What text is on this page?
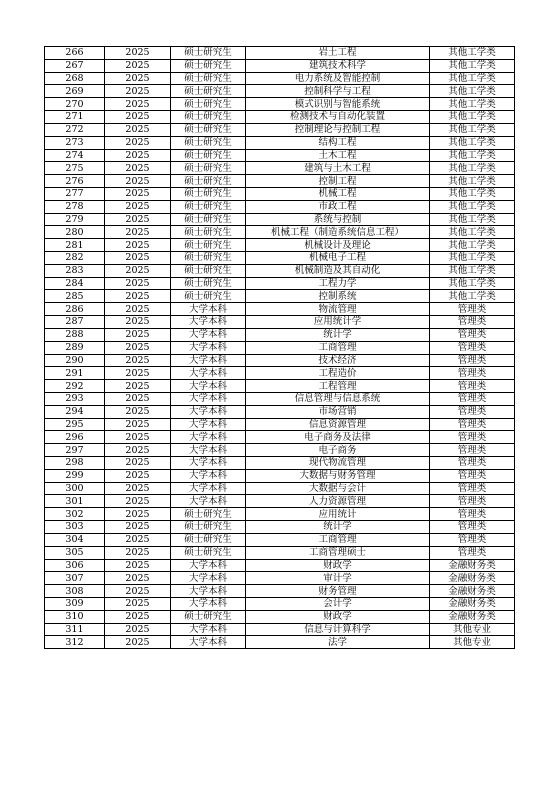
266	2025	硕士研究生	岩土工程	其他工学类
267	2025	硕士研究生	建筑技术科学	其他工学类
268	2025	硕士研究生	电力系统及智能控制	其他工学类
269	2025	硕士研究生	控制科学与工程	其他工学类
270	2025	硕士研究生	模式识别与智能系统	其他工学类
271	2025	硕士研究生	检测技术与自动化装置	其他工学类
272	2025	硕士研究生	控制理论与控制工程	其他工学类
273	2025	硕士研究生	结构工程	其他工学类
274	2025	硕士研究生	土木工程	其他工学类
275	2025	硕士研究生	建筑与土木工程	其他工学类
276	2025	硕士研究生	控制工程	其他工学类
277	2025	硕士研究生	机械工程	其他工学类
278	2025	硕士研究生	市政工程	其他工学类
279	2025	硕士研究生	系统与控制	其他工学类
280	2025	硕士研究生	机械工程（制造系统信息工程）	其他工学类
281	2025	硕士研究生	机械设计及理论	其他工学类
282	2025	硕士研究生	机械电子工程	其他工学类
283	2025	硕士研究生	机械制造及其自动化	其他工学类
284	2025	硕士研究生	工程力学	其他工学类
285	2025	硕士研究生	控制系统	其他工学类
286	2025	大学本科	物流管理	管理类
287	2025	大学本科	应用统计学	管理类
288	2025	大学本科	统计学	管理类
289	2025	大学本科	工商管理	管理类
290	2025	大学本科	技术经济	管理类
291	2025	大学本科	工程造价	管理类
292	2025	大学本科	工程管理	管理类
293	2025	大学本科	信息管理与信息系统	管理类
294	2025	大学本科	市场营销	管理类
295	2025	大学本科	信息资源管理	管理类
296	2025	大学本科	电子商务及法律	管理类
297	2025	大学本科	电子商务	管理类
298	2025	大学本科	现代物流管理	管理类
299	2025	大学本科	大数据与财务管理	管理类
300	2025	大学本科	大数据与会计	管理类
301	2025	大学本科	人力资源管理	管理类
302	2025	硕士研究生	应用统计	管理类
303	2025	硕士研究生	统计学	管理类
304	2025	硕士研究生	工商管理	管理类
305	2025	硕士研究生	工商管理硕士	管理类
306	2025	大学本科	财政学	金融财务类
307	2025	大学本科	审计学	金融财务类
308	2025	大学本科	财务管理	金融财务类
309	2025	大学本科	会计学	金融财务类
310	2025	硕士研究生	财政学	金融财务类
311	2025	大学本科	信息与计算科学	其他专业
312	2025	大学本科	法学	其他专业
